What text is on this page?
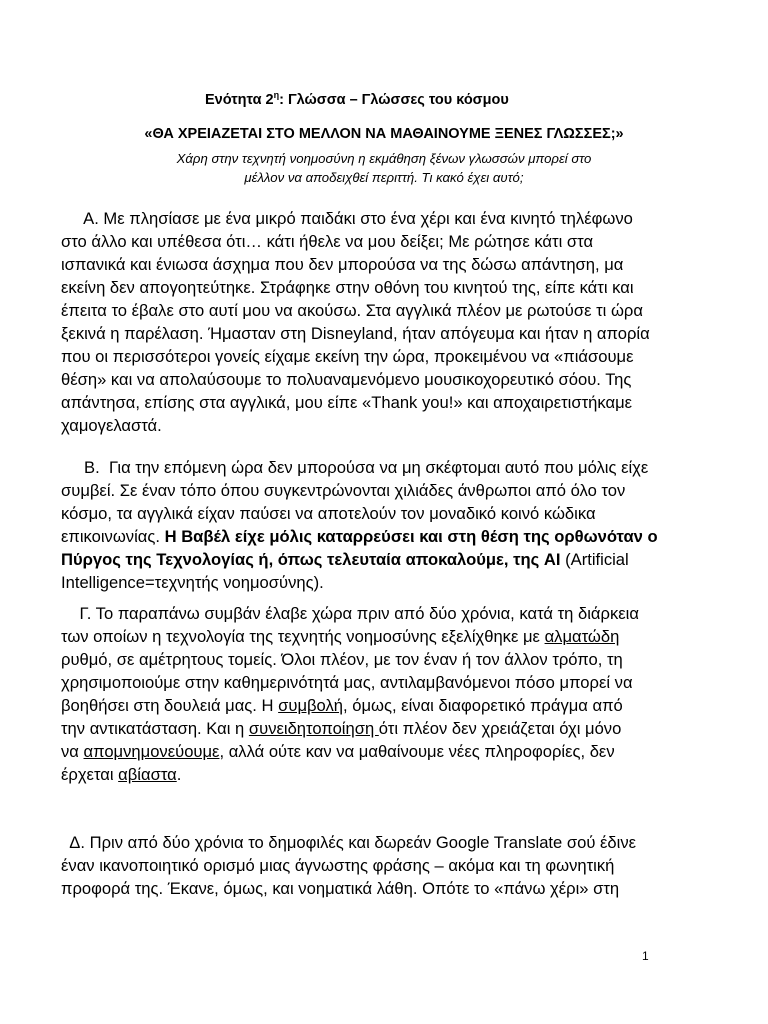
Ενότητα $2^\eta$: Γλώσσα – Γλώσσες του κόσμου
«ΘΑ ΧΡΕΙΑΖΕΤΑΙ ΣΤΟ ΜΕΛΛΟΝ ΝΑ ΜΑΘΑΙΝΟΥΜΕ ΞΕΝΕΣ ΓΛΩΣΣΕΣ;»
Χάρη στην τεχνητή νοημοσύνη η εκμάθηση ξένων γλωσσών μπορεί στο
μέλλον να αποδειχθεί περιττή. Τι κακό έχει αυτό;
Α. Με πλησίασε με ένα μικρό παιδάκι στο ένα χέρι και ένα κινητό τηλέφωνο
στο άλλο και υπέθεσα ότι… κάτι ήθελε να μου δείξει; Με ρώτησε κάτι στα
ισπανικά και ένιωσα άσχημα που δεν μπορούσα να της δώσω απάντηση, μα
εκείνη δεν απογοητεύτηκε. Στράφηκε στην οθόνη του κινητού της, είπε κάτι και
έπειτα το έβαλε στο αυτί μου να ακούσω. Στα αγγλικά πλέον με ρωτούσε τι ώρα
ξεκινά η παρέλαση. Ήμασταν στη Disneyland, ήταν απόγευμα και ήταν η απορία
που οι περισσότεροι γονείς είχαμε εκείνη την ώρα, προκειμένου να «πιάσουμε
θέση» και να απολαύσουμε το πολυαναμενόμενο μουσικοχορευτικό σόου. Της
απάντησα, επίσης στα αγγλικά, μου είπε «Thank you!» και αποχαιρετιστήκαμε
χαμογελαστά.
Β.  Για την επόμενη ώρα δεν μπορούσα να μη σκέφτομαι αυτό που μόλις είχε
συμβεί. Σε έναν τόπο όπου συγκεντρώνονται χιλιάδες άνθρωποι από όλο τον
κόσμο, τα αγγλικά είχαν παύσει να αποτελούν τον μοναδικό κοινό κώδικα
επικοινωνίας. Η Βαβέλ είχε μόλις καταρρεύσει και στη θέση της ορθωνόταν ο
Πύργος της Τεχνολογίας ή, όπως τελευταία αποκαλούμε, της AI (Artificial
Intelligence=τεχνητής νοημοσύνης).
Γ. Το παραπάνω συμβάν έλαβε χώρα πριν από δύο χρόνια, κατά τη διάρκεια
των οποίων η τεχνολογία της τεχνητής νοημοσύνης εξελίχθηκε με αλματώδη
ρυθμό, σε αμέτρητους τομείς. Όλοι πλέον, με τον έναν ή τον άλλον τρόπο, τη
χρησιμοποιούμε στην καθημερινότητά μας, αντιλαμβανόμενοι πόσο μπορεί να
βοηθήσει στη δουλειά μας. Η συμβολή, όμως, είναι διαφορετικό πράγμα από
την αντικατάσταση. Και η συνειδητοποίηση ότι πλέον δεν χρειάζεται όχι μόνο
να απομνημονεύουμε, αλλά ούτε καν να μαθαίνουμε νέες πληροφορίες, δεν
έρχεται αβίαστα.
Δ. Πριν από δύο χρόνια το δημοφιλές και δωρεάν Google Translate σού έδινε
έναν ικανοποιητικό ορισμό μιας άγνωστης φράσης – ακόμα και τη φωνητική
προφορά της. Έκανε, όμως, και νοηματικά λάθη. Οπότε το «πάνω χέρι» στη
1
